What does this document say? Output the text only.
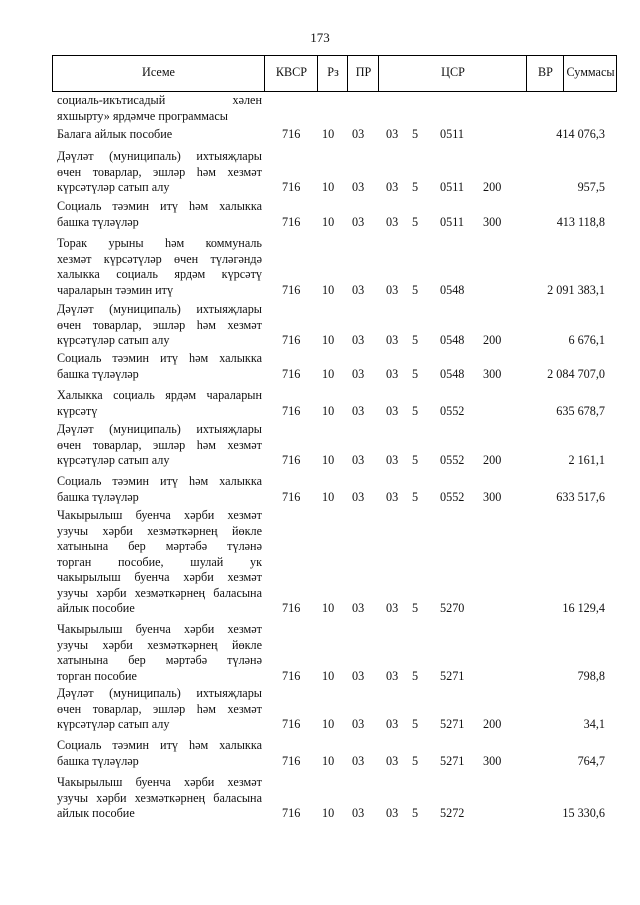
173
Исеме	КВСР	Рз	ПР	ЦСР	ВР	Суммасы
социаль-икътисадый хәлен
яхшырту» ярдәмче программасы
Балага айлык пособие	716 10 03 03 5 0511	414 076,3
Дәүләт (муниципаль) ихтыяҗлары
өчен товарлар, эшләр һәм хезмәт
күрсәтүләр сатып алу	716 10 03 03 5 0511 200	957,5
Социаль тәэмин итү һәм халыкка
башка түләүләр	716 10 03 03 5 0511 300	413 118,8
Торак урыны һәм коммуналь
хезмәт күрсәтүләр өчен түләгәндә
халыкка социаль ярдәм күрсәтү
чараларын тәэмин итү	716 10 03 03 5 0548	2 091 383,1
Дәүләт (муниципаль) ихтыяҗлары
өчен товарлар, эшләр һәм хезмәт
күрсәтүләр сатып алу	716 10 03 03 5 0548 200	6 676,1
Социаль тәэмин итү һәм халыкка
башка түләүләр	716 10 03 03 5 0548 300	2 084 707,0
Халыкка социаль ярдәм чараларын
күрсәтү	716 10 03 03 5 0552	635 678,7
Дәүләт (муниципаль) ихтыяҗлары
өчен товарлар, эшләр һәм хезмәт
күрсәтүләр сатып алу	716 10 03 03 5 0552 200	2 161,1
Социаль тәэмин итү һәм халыкка
башка түләүләр	716 10 03 03 5 0552 300	633 517,6
Чакырылыш буенча хәрби хезмәт
узучы хәрби хезмәткәрнең йөкле
хатынына бер мәртәбә түләнә
торган пособие, шулай ук
чакырылыш буенча хәрби хезмәт
узучы хәрби хезмәткәрнең баласына
айлык пособие	716 10 03 03 5 5270	16 129,4
Чакырылыш буенча хәрби хезмәт
узучы хәрби хезмәткәрнең йөкле
хатынына бер мәртәбә түләнә
торган пособие	716 10 03 03 5 5271	798,8
Дәүләт (муниципаль) ихтыяҗлары
өчен товарлар, эшләр һәм хезмәт
күрсәтүләр сатып алу	716 10 03 03 5 5271 200	34,1
Социаль тәэмин итү һәм халыкка
башка түләүләр	716 10 03 03 5 5271 300	764,7
Чакырылыш буенча хәрби хезмәт
узучы хәрби хезмәткәрнең баласына
айлык пособие	716 10 03 03 5 5272	15 330,6
